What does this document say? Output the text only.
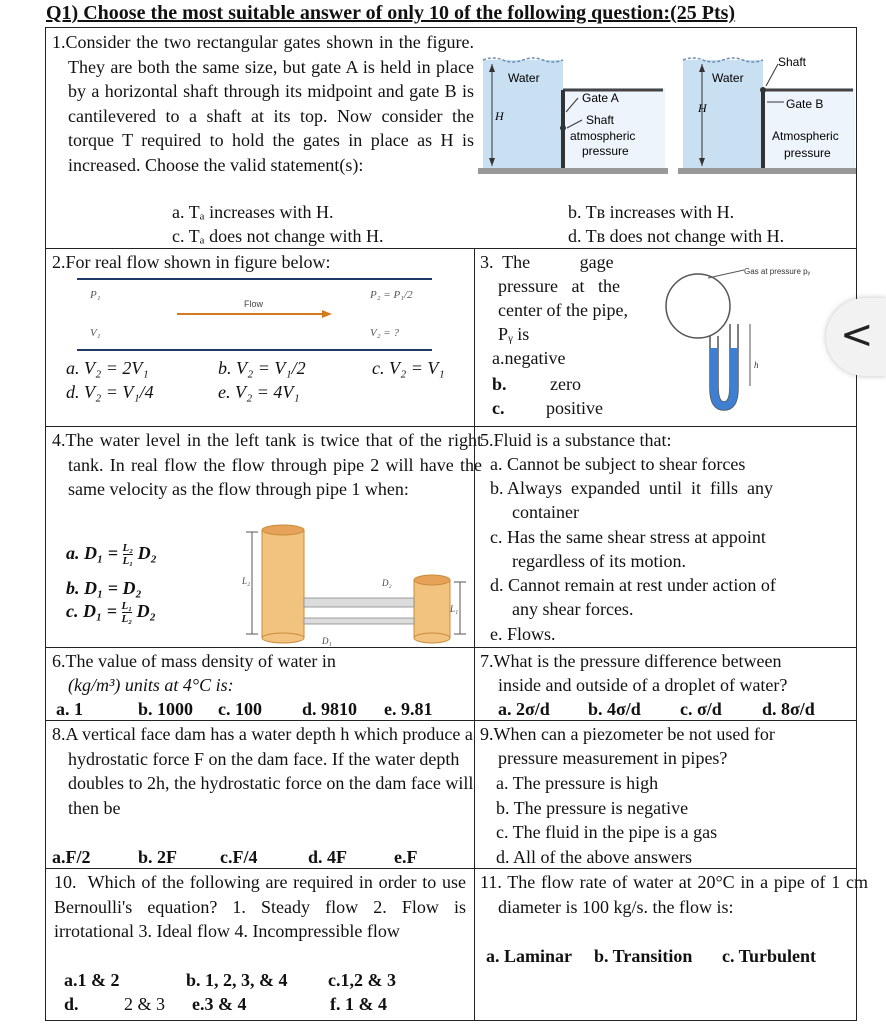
Q1) Choose the most suitable answer of only 10 of the following question:(25 Pts)
1.Consider the two rectangular gates shown in the figure. They are both the same size, but gate A is held in place by a horizontal shaft through its midpoint and gate B is cantilevered to a shaft at its top. Now consider the torque T required to hold the gates in place as H is increased. Choose the valid statement(s):
a. Tₐ increases with H.
c. Tₐ does not change with H.
b. Tʙ increases with H.
d. Tʙ does not change with H.
Water
H
Gate A
Shaft
atmospheric
pressure
Water
H
Shaft
Gate B
Atmospheric
pressure
2.For real flow shown in figure below:
P₁	P₂ = P₁/2
Flow
V₁	V₂ = ?
a. V₂ = 2V₁	b. V₂ = V₁/2	c. V₂ = V₁
d. V₂ = V₁/4	e. V₂ = 4V₁
3.  The           gage
pressure   at   the
center of the pipe,
Pᵧ is
a.negative
b. zero
c. positive
Gas at pressure pᵧ
h
4.The water level in the left tank is twice that of the right tank. In real flow the flow through pipe 2 will have the same velocity as the flow through pipe 1 when:
a. $D_1 = \frac{\text{L₂}}{\text{L₁}} D_2$
b. D₁ = D₂
c. $D_1 = \frac{\text{L₁}}{\text{L₂}} D_2$
L₂
L₁
D₂
D₁
5.Fluid is a substance that:
a. Cannot be subject to shear forces
b. Always  expanded  until  it  fills  any
container
c. Has the same shear stress at appoint
regardless of its motion.
d. Cannot remain at rest under action of
any shear forces.
e. Flows.
6.The value of mass density of water in
(kg/m³) units at 4°C is:
a. 1	b. 1000 c. 100 d. 9810 e. 9.81
7.What is the pressure difference between
inside and outside of a droplet of water?
a. 2σ/d b. 4σ/d c. σ/d d. 8σ/d
8.A vertical face dam has a water depth h which produce a hydrostatic force F on the dam face. If the water depth doubles to 2h, the hydrostatic force on the dam face will then be
a.F/2	b. 2F c.F/4	d. 4F	e.F
9.When can a piezometer be not used for
pressure measurement in pipes?
a. The pressure is high
b. The pressure is negative
c. The fluid in the pipe is a gas
d. All of the above answers
10.  Which of the following are required in order to use Bernoulli's equation? 1. Steady flow 2. Flow is irrotational 3. Ideal flow 4. Incompressible flow
a.1 & 2	b. 1, 2, 3, & 4 c.1,2 & 3
d.	2 & 3 e.3 & 4	f. 1 & 4
11. The flow rate of water at 20°C in a pipe of 1 cm diameter is 100 kg/s. the flow is:
a. Laminar b. Transition c. Turbulent
<
